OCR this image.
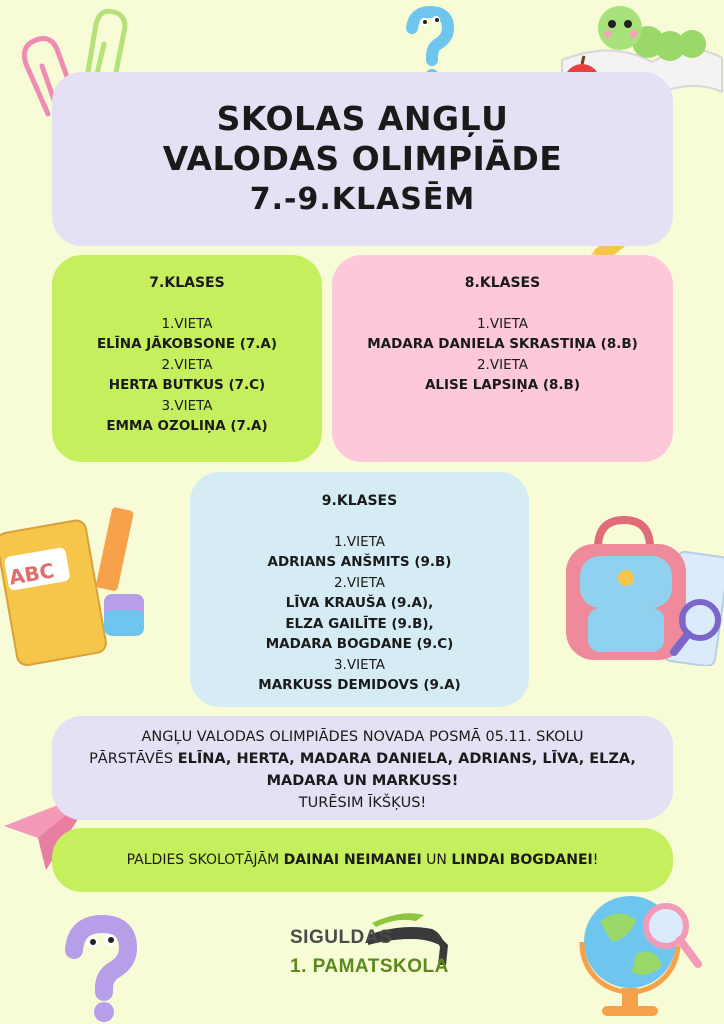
ABC
SKOLAS ANGĻU
VALODAS OLIMPIĀDE
7.-9.KLASĒM
7.KLASES
1.VIETA
ELĪNA JĀKOBSONE (7.A)
2.VIETA
HERTA BUTKUS (7.C)
3.VIETA
EMMA OZOLIŅA (7.A)
8.KLASES
1.VIETA
MADARA DANIELA SKRASTIŅA (8.B)
2.VIETA
ALISE LAPSIŅA (8.B)
9.KLASES
1.VIETA
ADRIANS ANŠMITS (9.B)
2.VIETA
LĪVA KRAUŠA (9.A),
ELZA GAILĪTE (9.B),
MADARA BOGDANE (9.C)
3.VIETA
MARKUSS DEMIDOVS (9.A)
ANGĻU VALODAS OLIMPIĀDES NOVADA POSMĀ 05.11. SKOLU
PĀRSTĀVĒS ELĪNA, HERTA, MADARA DANIELA, ADRIANS, LĪVA, ELZA,
MADARA UN MARKUSS!
TURĒSIM ĪKŠĶUS!
PALDIES SKOLOTĀJĀM DAINAI NEIMANEI UN LINDAI BOGDANEI!
SIGULDAS
1. PAMATSKOLA
